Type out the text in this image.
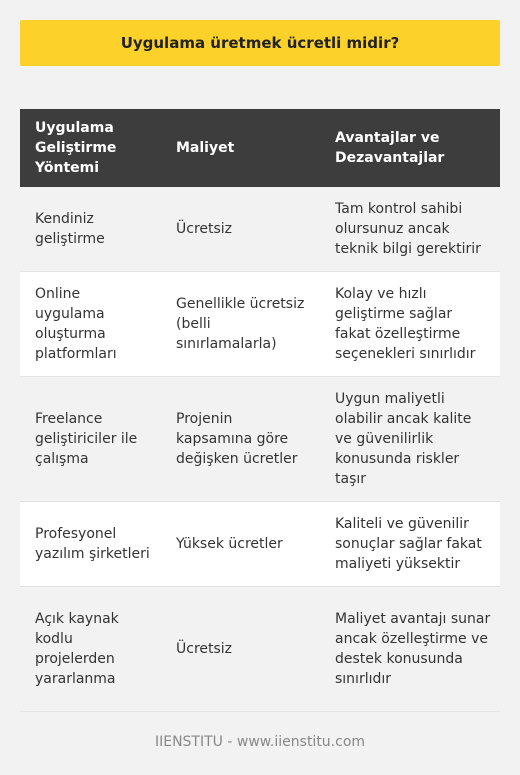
Uygulama üretmek ücretli midir?
Uygulama Geliştirme Yöntemi	Maliyet	Avantajlar ve Dezavantajlar
Kendiniz geliştirme	Ücretsiz	Tam kontrol sahibi olursunuz ancak teknik bilgi gerektirir
Online uygulama oluşturma platformları	Genellikle ücretsiz (belli sınırlamalarla)	Kolay ve hızlı geliştirme sağlar fakat özelleştirme seçenekleri sınırlıdır
Freelance geliştiriciler ile çalışma	Projenin kapsamına göre değişken ücretler	Uygun maliyetli olabilir ancak kalite ve güvenilirlik konusunda riskler taşır
Profesyonel yazılım şirketleri	Yüksek ücretler	Kaliteli ve güvenilir sonuçlar sağlar fakat maliyeti yüksektir
Açık kaynak kodlu projelerden yararlanma	Ücretsiz	Maliyet avantajı sunar ancak özelleştirme ve destek konusunda sınırlıdır
IIENSTITU - www.iienstitu.com
